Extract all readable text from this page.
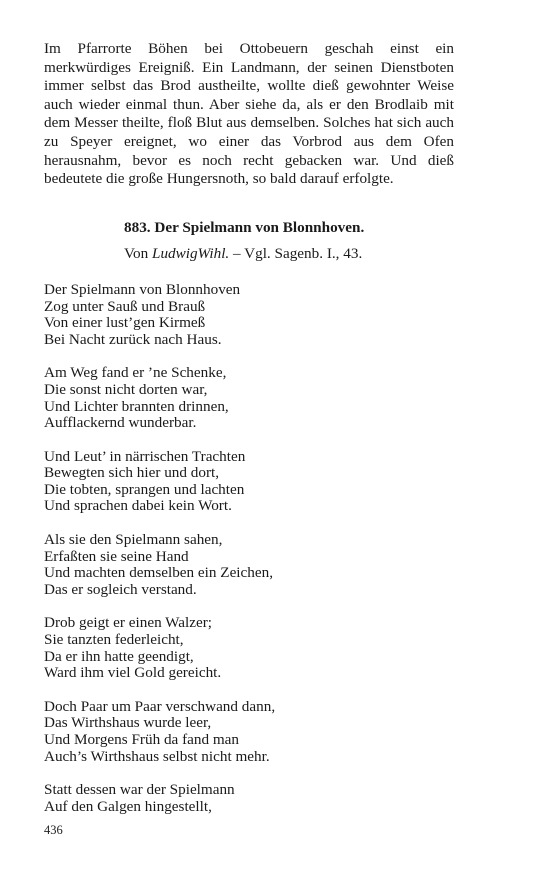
Im Pfarrorte Böhen bei Ottobeuern geschah einst ein merkwürdiges Ereigniß. Ein Landmann, der seinen Dienstboten immer selbst das Brod austheilte, wollte dieß gewohnter Weise auch wieder einmal thun. Aber siehe da, als er den Brodlaib mit dem Messer theilte, floß Blut aus demselben. Solches hat sich auch zu Speyer ereignet, wo einer das Vorbrod aus dem Ofen herausnahm, bevor es noch recht gebacken war. Und dieß bedeutete die große Hungersnoth, so bald darauf erfolgte.

883. Der Spielmann von Blonnhoven.
Von LudwigWihl. – Vgl. Sagenb. I., 43.
Der Spielmann von Blonnhoven
Zog unter Sauß und Brauß
Von einer lust’gen Kirmeß
Bei Nacht zurück nach Haus.
Am Weg fand er ’ne Schenke,
Die sonst nicht dorten war,
Und Lichter brannten drinnen,
Aufflackernd wunderbar.
Und Leut’ in närrischen Trachten
Bewegten sich hier und dort,
Die tobten, sprangen und lachten
Und sprachen dabei kein Wort.
Als sie den Spielmann sahen,
Erfaßten sie seine Hand
Und machten demselben ein Zeichen,
Das er sogleich verstand.
Drob geigt er einen Walzer;
Sie tanzten federleicht,
Da er ihn hatte geendigt,
Ward ihm viel Gold gereicht.
Doch Paar um Paar verschwand dann,
Das Wirthshaus wurde leer,
Und Morgens Früh da fand man
Auch’s Wirthshaus selbst nicht mehr.
Statt dessen war der Spielmann
Auf den Galgen hingestellt,
436
